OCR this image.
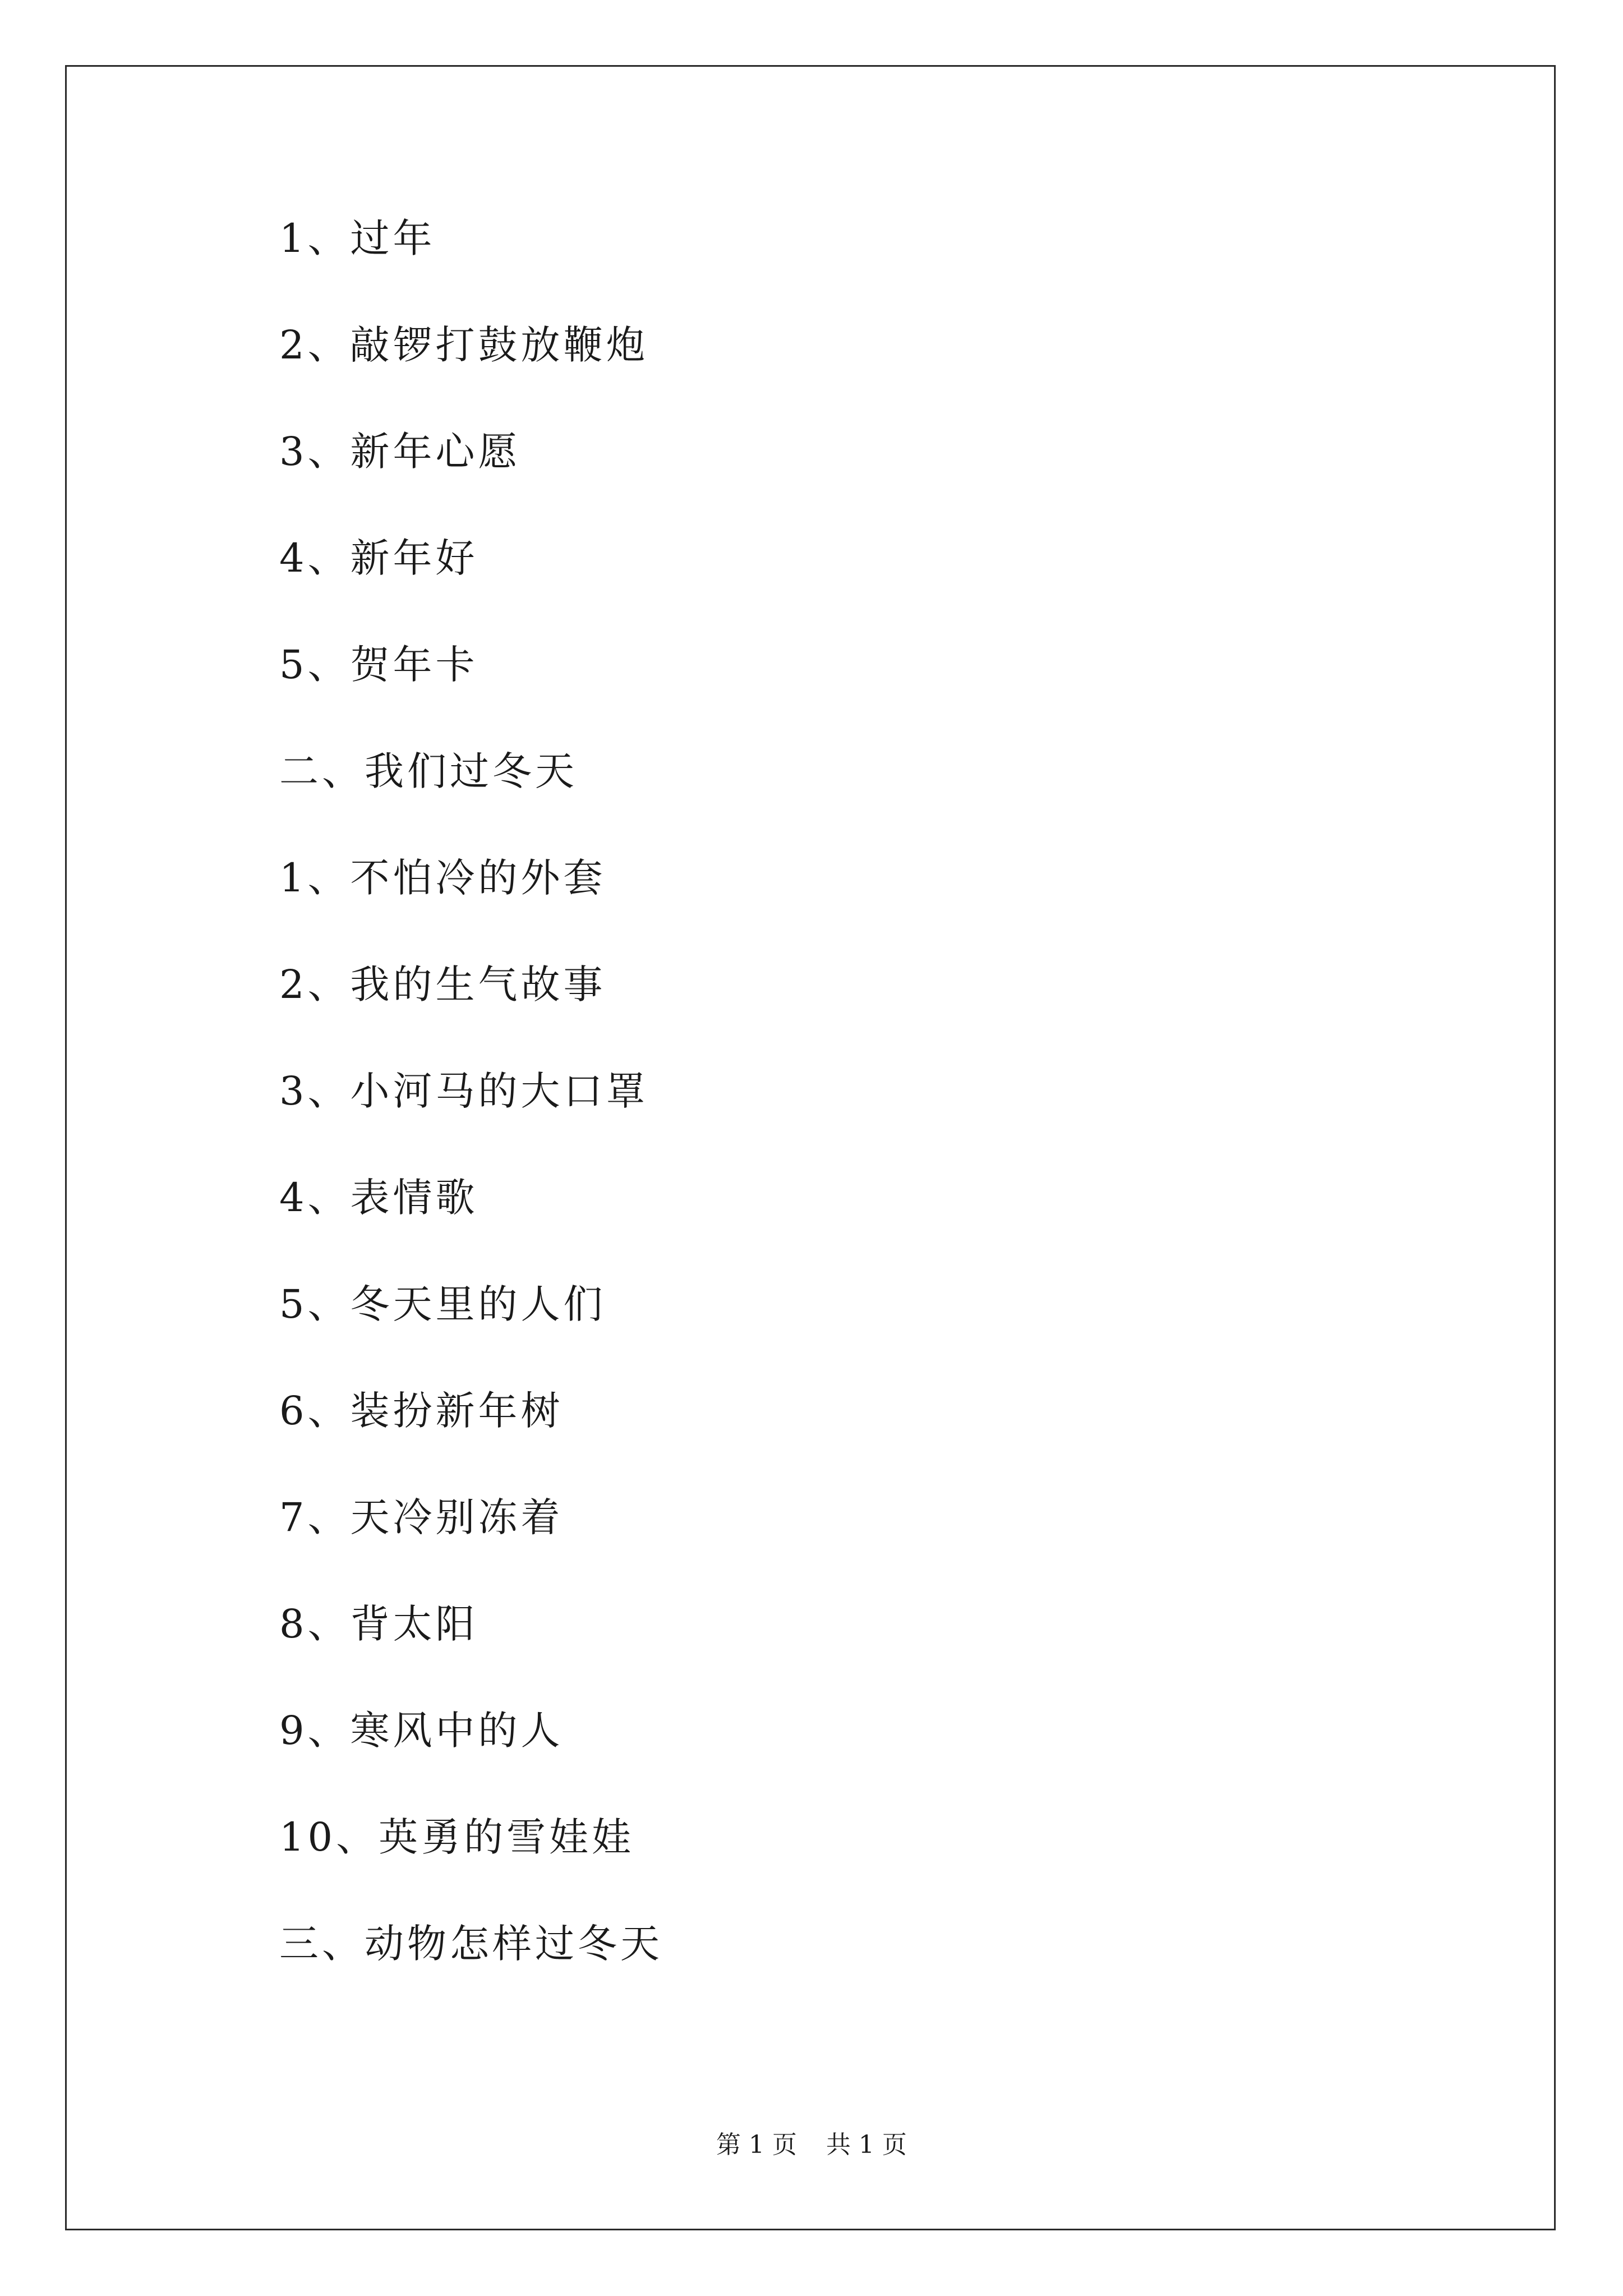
1、过年
2、敲锣打鼓放鞭炮
3、新年心愿
4、新年好
5、贺年卡
二、我们过冬天
1、不怕冷的外套
2、我的生气故事
3、小河马的大口罩
4、表情歌
5、冬天里的人们
6、装扮新年树
7、天冷别冻着
8、背太阳
9、寒风中的人
10、英勇的雪娃娃
三、动物怎样过冬天
第 1 页 共 1 页
